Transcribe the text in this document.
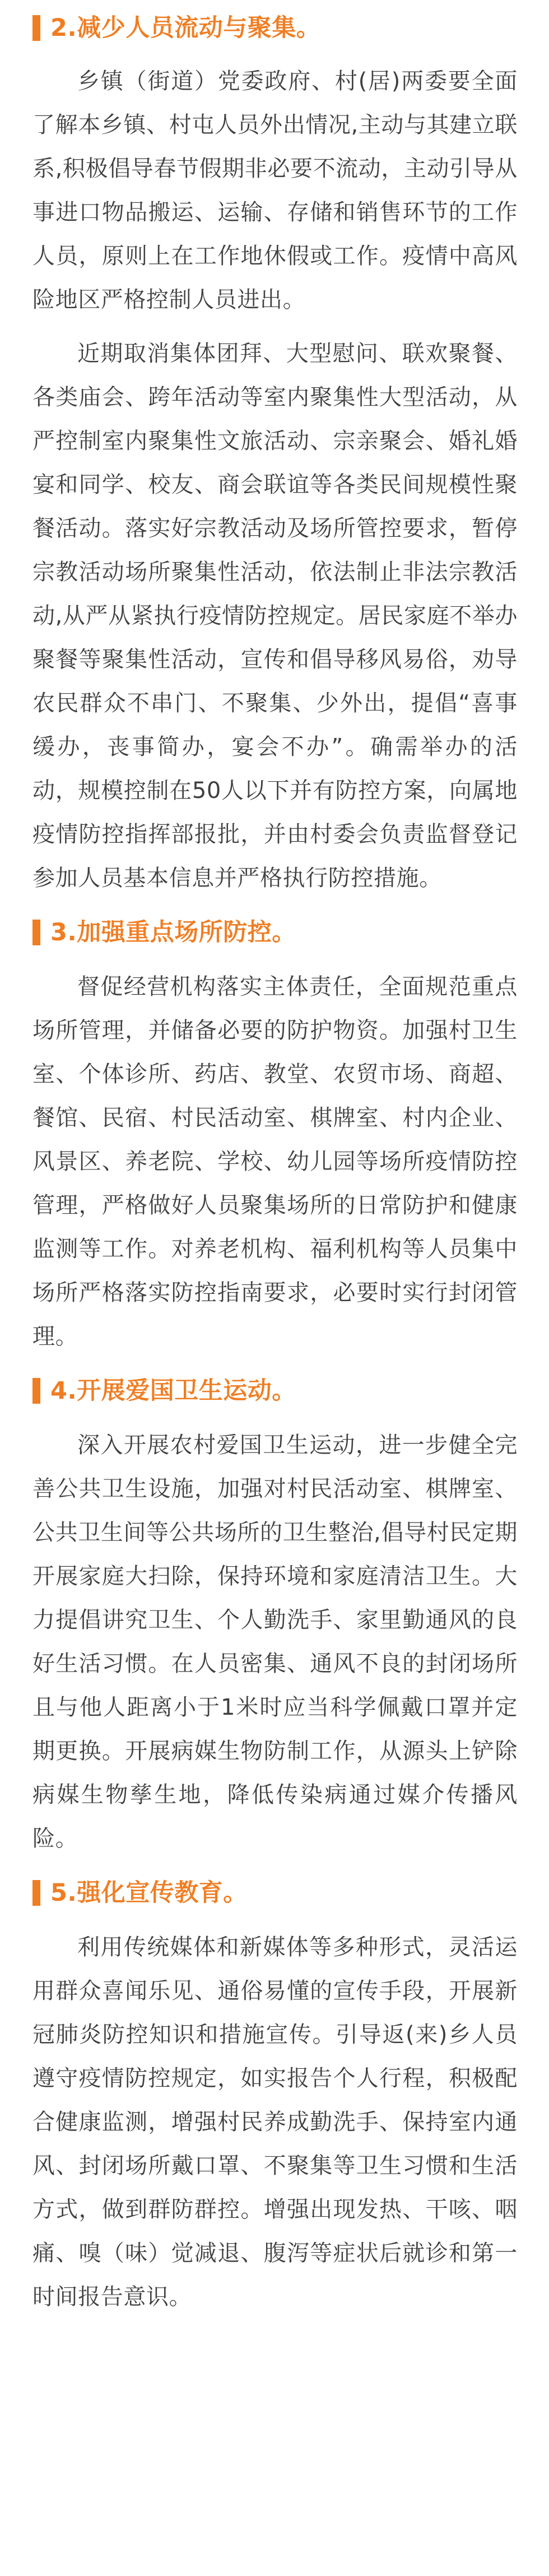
2.减少人员流动与聚集。

乡镇（街道）党委政府、村(居)两委要全面了解本乡镇、村屯人员外出情况,主动与其建立联系,积极倡导春节假期非必要不流动，主动引导从事进口物品搬运、运输、存储和销售环节的工作人员，原则上在工作地休假或工作。疫情中高风险地区严格控制人员进出。

近期取消集体团拜、大型慰问、联欢聚餐、各类庙会、跨年活动等室内聚集性大型活动，从严控制室内聚集性文旅活动、宗亲聚会、婚礼婚宴和同学、校友、商会联谊等各类民间规模性聚餐活动。落实好宗教活动及场所管控要求，暂停宗教活动场所聚集性活动，依法制止非法宗教活动,从严从紧执行疫情防控规定。居民家庭不举办聚餐等聚集性活动，宣传和倡导移风易俗，劝导农民群众不串门、不聚集、少外出，提倡“喜事缓办，丧事简办，宴会不办”。确需举办的活动，规模控制在50人以下并有防控方案，向属地疫情防控指挥部报批，并由村委会负责监督登记参加人员基本信息并严格执行防控措施。

3.加强重点场所防控。

督促经营机构落实主体责任，全面规范重点场所管理，并储备必要的防护物资。加强村卫生室、个体诊所、药店、教堂、农贸市场、商超、餐馆、民宿、村民活动室、棋牌室、村内企业、风景区、养老院、学校、幼儿园等场所疫情防控管理，严格做好人员聚集场所的日常防护和健康监测等工作。对养老机构、福利机构等人员集中场所严格落实防控指南要求，必要时实行封闭管理。

4.开展爱国卫生运动。

深入开展农村爱国卫生运动，进一步健全完善公共卫生设施，加强对村民活动室、棋牌室、公共卫生间等公共场所的卫生整治,倡导村民定期开展家庭大扫除，保持环境和家庭清洁卫生。大力提倡讲究卫生、个人勤洗手、家里勤通风的良好生活习惯。在人员密集、通风不良的封闭场所且与他人距离小于1米时应当科学佩戴口罩并定期更换。开展病媒生物防制工作，从源头上铲除病媒生物孳生地，降低传染病通过媒介传播风险。

5.强化宣传教育。

利用传统媒体和新媒体等多种形式，灵活运用群众喜闻乐见、通俗易懂的宣传手段，开展新冠肺炎防控知识和措施宣传。引导返(来)乡人员遵守疫情防控规定，如实报告个人行程，积极配合健康监测，增强村民养成勤洗手、保持室内通风、封闭场所戴口罩、不聚集等卫生习惯和生活方式，做到群防群控。增强出现发热、干咳、咽痛、嗅（味）觉减退、腹泻等症状后就诊和第一时间报告意识。
